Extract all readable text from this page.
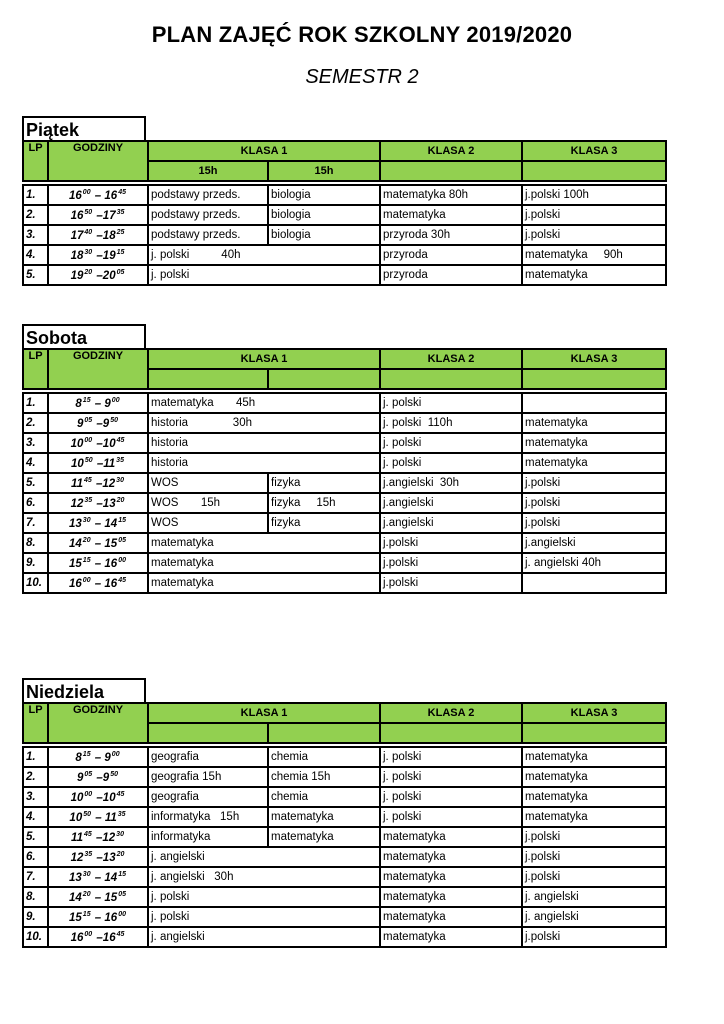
PLAN ZAJĘĆ ROK SZKOLNY 2019/2020
SEMESTR 2
Piątek
LP	GODZINY	KLASA 1		KLASA 2	KLASA 3
		15h	15h		

1.	$16^{00} - 16^{45}$	podstawy przeds.	biologia	matematyka 80h	j.polski 100h
2.	$16^{50}$ $-17^{35}$	podstawy przeds.	biologia	matematyka	j.polski
3.	$17^{40}$ $-18^{25}$	podstawy przeds.	biologia	przyroda 30h	j.polski
4.	$18^{30}$ $-19^{15}$	j. polski          40h		przyroda	matematyka     90h
5.	$19^{20}$ $-20^{05}$	j. polski		przyroda	matematyka
Sobota
LP	GODZINY	KLASA 1		KLASA 2	KLASA 3

1.	$8^{15} - 9^{00}$	matematyka       45h		j. polski	
2.	$9^{05}$ $-9^{50}$	historia              30h		j. polski  110h	matematyka
3.	$10^{00}$ $-10^{45}$	historia		j. polski	matematyka
4.	$10^{50}$ $-11^{35}$	historia		j. polski	matematyka
5.	$11^{45}$ $-12^{30}$	WOS	fizyka	j.angielski  30h	j.polski
6.	$12^{35}$ $-13^{20}$	WOS       15h	fizyka     15h	j.angielski	j.polski
7.	$13^{30} - 14^{15}$	WOS	fizyka	j.angielski	j.polski
8.	$14^{20} - 15^{05}$	matematyka		j.polski	j.angielski
9.	$15^{15} - 16^{00}$	matematyka		j.polski	j. angielski 40h
10.	$16^{00} - 16^{45}$	matematyka		j.polski	
Niedziela
LP	GODZINY	KLASA 1		KLASA 2	KLASA 3

1.	$8^{15} - 9^{00}$	geografia	chemia	j. polski	matematyka
2.	$9^{05}$ $-9^{50}$	geografia 15h	chemia 15h	j. polski	matematyka
3.	$10^{00}$ $-10^{45}$	geografia	chemia	j. polski	matematyka
4.	$10^{50} - 11^{35}$	informatyka   15h	matematyka	j. polski	matematyka
5.	$11^{45}$ $-12^{30}$	informatyka	matematyka	matematyka	j.polski
6.	$12^{35}$ $-13^{20}$	j. angielski		matematyka	j.polski
7.	$13^{30} - 14^{15}$	j. angielski   30h		matematyka	j.polski
8.	$14^{20} - 15^{05}$	j. polski		matematyka	j. angielski
9.	$15^{15} - 16^{00}$	j. polski		matematyka	j. angielski
10.	$16^{00}$ $-16^{45}$	j. angielski		matematyka	j.polski
